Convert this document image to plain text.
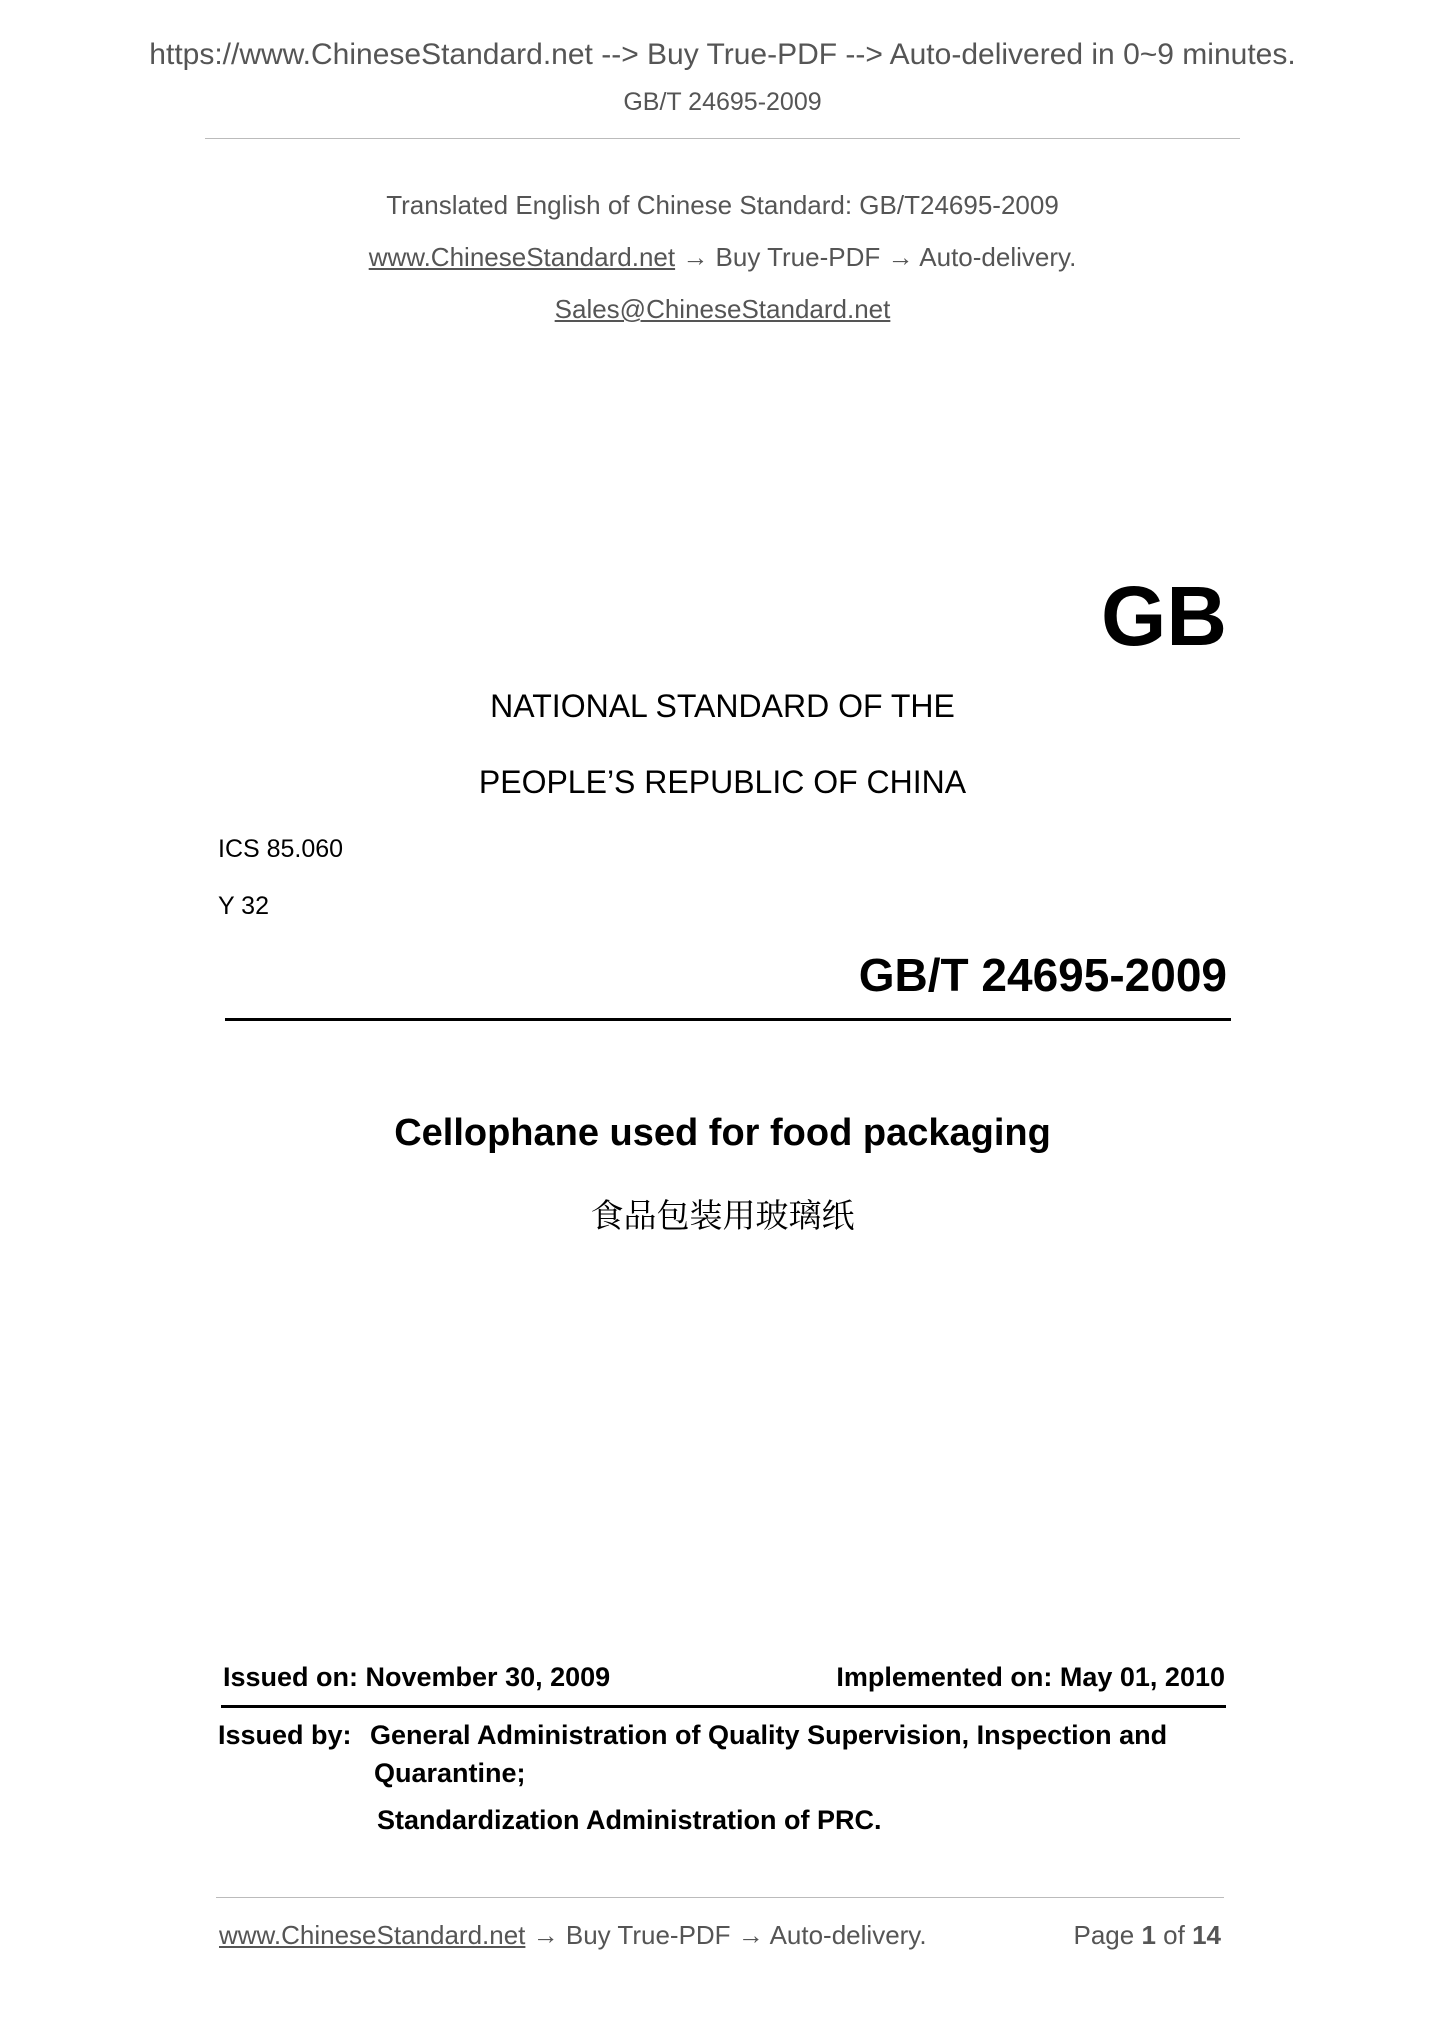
https://www.ChineseStandard.net --> Buy True-PDF --> Auto-delivered in 0~9 minutes.
GB/T 24695-2009
Translated English of Chinese Standard: GB/T24695-2009
www.ChineseStandard.net → Buy True-PDF → Auto-delivery.
Sales@ChineseStandard.net
GB
NATIONAL STANDARD OF THE
PEOPLE’S REPUBLIC OF CHINA
ICS 85.060
Y 32
GB/T 24695-2009
Cellophane used for food packaging
食品包装用玻璃纸
Issued on: November 30, 2009	Implemented on: May 01, 2010
Issued by: General Administration of Quality Supervision, Inspection and
Quarantine;
Standardization Administration of PRC.
www.ChineseStandard.net → Buy True-PDF → Auto-delivery.	Page 1 of 14
